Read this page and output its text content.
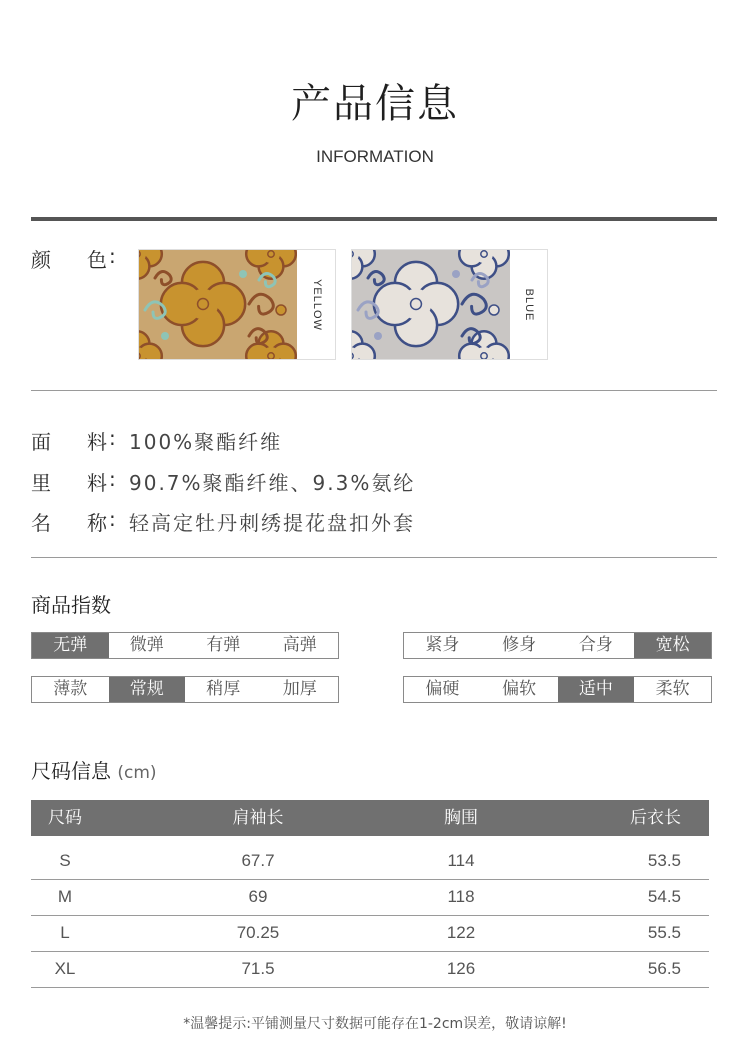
产品信息
INFORMATION
颜 色 :
YELLOW	BLUE
面 料 : 100%聚酯纤维
里 料 : 90.7%聚酯纤维、9.3%氨纶
名 称 : 轻高定牡丹刺绣提花盘扣外套
商品指数
无弹	微弹	有弹	高弹	紧身	修身	合身	宽松
薄款	常规	稍厚	加厚	偏硬	偏软	适中	柔软
尺码信息 (cm)
尺码	肩袖长	胸围	后衣长
S	67.7	114	53.5
M	69	118	54.5
L	70.25	122	55.5
XL	71.5	126	56.5
*温馨提示:平铺测量尺寸数据可能存在1-2cm误差，敬请谅解!
